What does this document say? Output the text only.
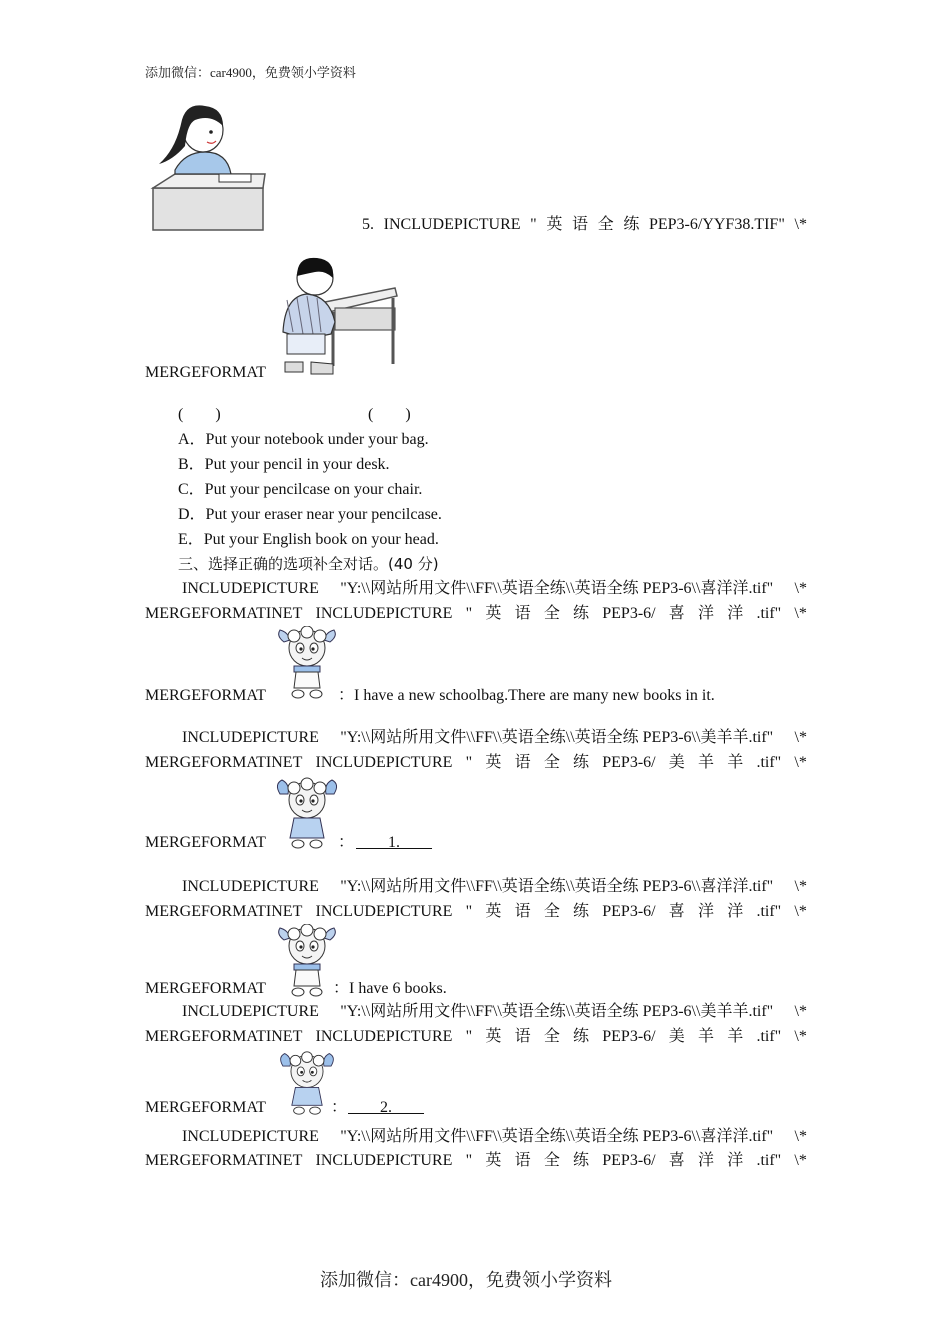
添加微信：car4900，免费领小学资料
5. INCLUDEPICTURE " 英 语 全 练 PEP3-6/YYF38.TIF" \*
MERGEFORMAT
(　　)	(　　)
A．Put your notebook under your bag.
B．Put your pencil in your desk.
C．Put your pencilcase on your chair.
D．Put your eraser near your pencilcase.
E．Put your English book on your head.
三、选择正确的选项补全对话。(40 分)
INCLUDEPICTURE "Y:\\网站所用文件\\FF\\英语全练\\英语全练 PEP3-6\\喜洋洋.tif" \*
MERGEFORMATINET INCLUDEPICTURE " 英 语 全 练 PEP3-6/ 喜 洋 洋 .tif" \*
MERGEFORMAT	： I have a new schoolbag.There are many new books in it.
INCLUDEPICTURE "Y:\\网站所用文件\\FF\\英语全练\\英语全练 PEP3-6\\美羊羊.tif" \*
MERGEFORMATINET INCLUDEPICTURE " 英 语 全 练 PEP3-6/ 美 羊 羊 .tif" \*
MERGEFORMAT	： 　　1.　　
INCLUDEPICTURE "Y:\\网站所用文件\\FF\\英语全练\\英语全练 PEP3-6\\喜洋洋.tif" \*
MERGEFORMATINET INCLUDEPICTURE " 英 语 全 练 PEP3-6/ 喜 洋 洋 .tif" \*
MERGEFORMAT	： I have 6 books.
INCLUDEPICTURE "Y:\\网站所用文件\\FF\\英语全练\\英语全练 PEP3-6\\美羊羊.tif" \*
MERGEFORMATINET INCLUDEPICTURE " 英 语 全 练 PEP3-6/ 美 羊 羊 .tif" \*
MERGEFORMAT	： 　　2.　　
INCLUDEPICTURE "Y:\\网站所用文件\\FF\\英语全练\\英语全练 PEP3-6\\喜洋洋.tif" \*
MERGEFORMATINET INCLUDEPICTURE " 英 语 全 练 PEP3-6/ 喜 洋 洋 .tif" \*
添加微信：car4900，免费领小学资料
